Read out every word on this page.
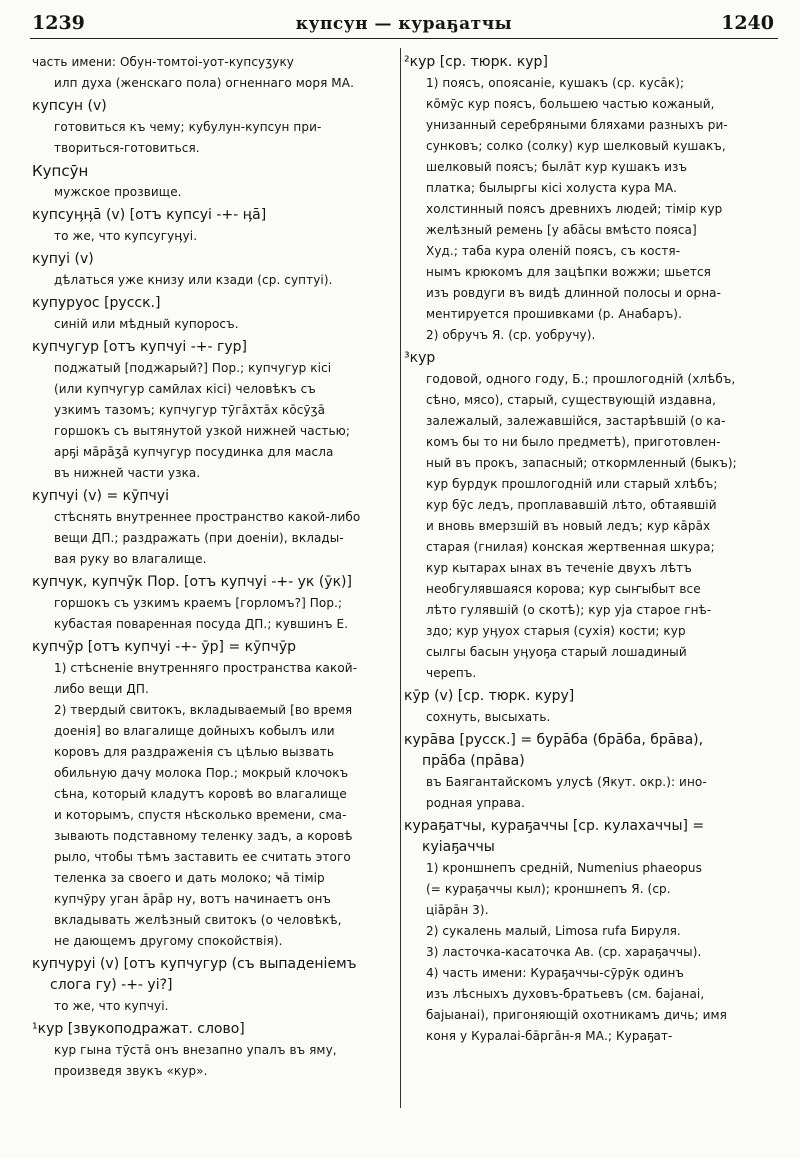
1239	купсун — кураҕатчы	1240

часть имени: Обун-томтоі-уот-купсуӡуку

илп духа (женскаго пола) огненнаго моря МА.

купсун (v)

готовиться къ чему; кубулун-купсун при-

твориться-готовиться.

Купсӯн

мужское прозвище.

купсуӊӊā (v) [отъ купсуі -+- ӊā]

то же, что купсугуӊуі.

купуі (v)

дѣлаться уже книзу или кзади (ср. суптуі).

купуруос [русск.]

синій или мѣдный купоросъ.

купчугур [отъ купчуі -+- гур]

поджатый [поджарый?] Пор.; купчугур кісі

(или купчугур самӣлах кісі) человѣкъ съ

узкимъ тазомъ; купчугур тӯгāхтāх кōсӯӡā

горшокъ съ вытянутой узкой нижней частью;

арҕі мāрāӡā купчугур посудинка для масла

въ нижней части узка.

купчуі (v) = кӯпчуі

стѣснять внутреннее пространство какой-либо

вещи ДП.; раздражать (при доеніи), вклады-

вая руку во влагалище.

купчук, купчӯк Пор. [отъ купчуі -+- ук (ӯк)]

горшокъ съ узкимъ краемъ [горломъ?] Пор.;

кубастая поваренная посуда ДП.; кувшинъ Е.

купчӯр [отъ купчуі -+- ӯр] = кӯпчӯр

1) стѣсненіе внутренняго пространства какой-

либо вещи ДП.

2) твердый свитокъ, вкладываемый [во время

доенія] во влагалище дойныхъ кобылъ или

коровъ для раздраженія съ цѣлью вызвать

обильную дачу молока Пор.; мокрый клочокъ

сѣна, который кладутъ коровѣ во влагалище

и которымъ, спустя нѣсколько времени, сма-

зывають подставному теленку задъ, а коровѣ

рыло, чтобы тѣмъ заставить ее считать этого

теленка за своего и дать молоко; ҹā тімір

купчӯру уган āрāр ну, вотъ начинаетъ онъ

вкладывать желѣзный свитокъ (о человѣкѣ,

не дающемъ другому спокойствія).

купчуруі (v) [отъ купчугур (съ выпаденіемъ

слога гу) -+- уі?]

то же, что купчуі.

¹кур [звукоподражат. слово]

кур гына тӯстā онъ внезапно упалъ въ яму,

произведя звукъ «кур».

²кур [ср. тюрк. кур]

1) поясъ, опоясаніе, кушакъ (ср. кусāк);

кōмӯс кур поясъ, большею частью кожаный,

унизанный серебряными бляхами разныхъ ри-

сунковъ; солко (солку) кур шелковый кушакъ,

шелковый поясъ; былāт кур кушакъ изъ

платка; былыргы кісі холуста кура МА.

холстинный поясъ древнихъ людей; тімір кур

желѣзный ремень [у абāсы вмѣсто пояса]

Худ.; таба кура оленій поясъ, съ костя-

нымъ крюкомъ для зацѣпки вожжи; шьется

изъ ровдуги въ видѣ длинной полосы и орна-

ментируется прошивками (р. Анабаръ).

2) обручъ Я. (ср. уобручу).

³кур

годовой, одного году, Б.; прошлогодній (хлѣбъ,

сѣно, мясо), старый, существующій издавна,

залежалый, залежавшійся, застарѣвшій (о ка-

комъ бы то ни было предметѣ), приготовлен-

ный въ прокъ, запасный; откормленный (быкъ);

кур бурдук прошлогодній или старый хлѣбъ;

кур бӯс ледъ, проплававшій лѣто, обтаявшій

и вновь вмерзшій въ новый ледъ; кур кāрāх

старая (гнилая) конская жертвенная шкура;

кур кытарах ынах въ теченіе двухъ лѣтъ

необгулявшаяся корова; кур сыҥыбыт все

лѣто гулявшій (о скотѣ); кур уја старое гнѣ-

здо; кур уӊуох старыя (сухія) кости; кур

сылгы басын уӊуоҕа старый лошадиный

черепъ.

кӯр (v) [ср. тюрк. куру]

сохнуть, высыхать.

курāва [русск.] = бурāба (брāба, брāва),

прāба (прāва)

въ Баягантайскомъ улусѣ (Якут. окр.): ино-

родная управа.

кураҕатчы, кураҕаччы [ср. кулахаччы] =

куіаҕаччы

1) кроншнепъ средній, Numenius phaeopus

(= кураҕаччы кыл); кроншнепъ Я. (ср.

ціāрāн 3).

2) сукалень малый, Limosa rufa Бируля.

3) ласточка-касаточка Ав. (ср. хараҕаччы).

4) часть имени: Кураҕаччы-сӯрӯк одинъ

изъ лѣсныхъ духовъ-братьевъ (см. бајанаі,

бајыанаі), пригоняющій охотникамъ дичь; имя

коня у Куралаі-бāргāн-я МА.; Кураҕат-
